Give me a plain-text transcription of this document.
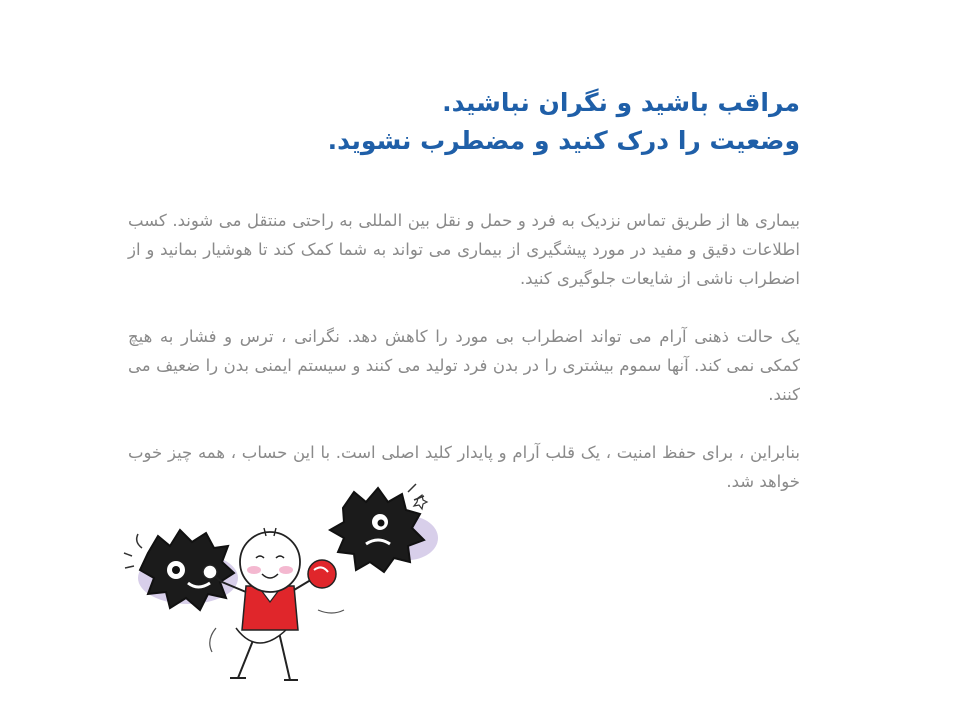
مراقب باشید و نگران نباشید.
وضعیت را درک کنید و مضطرب نشوید.

بیماری ها از طریق تماس نزدیک به فرد و حمل و نقل بین المللی به راحتی منتقل می شوند. کسب اطلاعات دقیق و مفید در مورد پیشگیری از بیماری می تواند به شما کمک کند تا هوشیار بمانید و از اضطراب ناشی از شایعات جلوگیری کنید.

یک حالت ذهنی آرام می تواند اضطراب بی مورد را کاهش دهد. نگرانی ، ترس و فشار به هیچ کمکی نمی کند. آنها سموم بیشتری را در بدن فرد تولید می کنند و سیستم ایمنی بدن را ضعیف می کنند.

بنابراین ، برای حفظ امنیت ، یک قلب آرام و پایدار کلید اصلی است. با این حساب ، همه چیز خوب خواهد شد.
